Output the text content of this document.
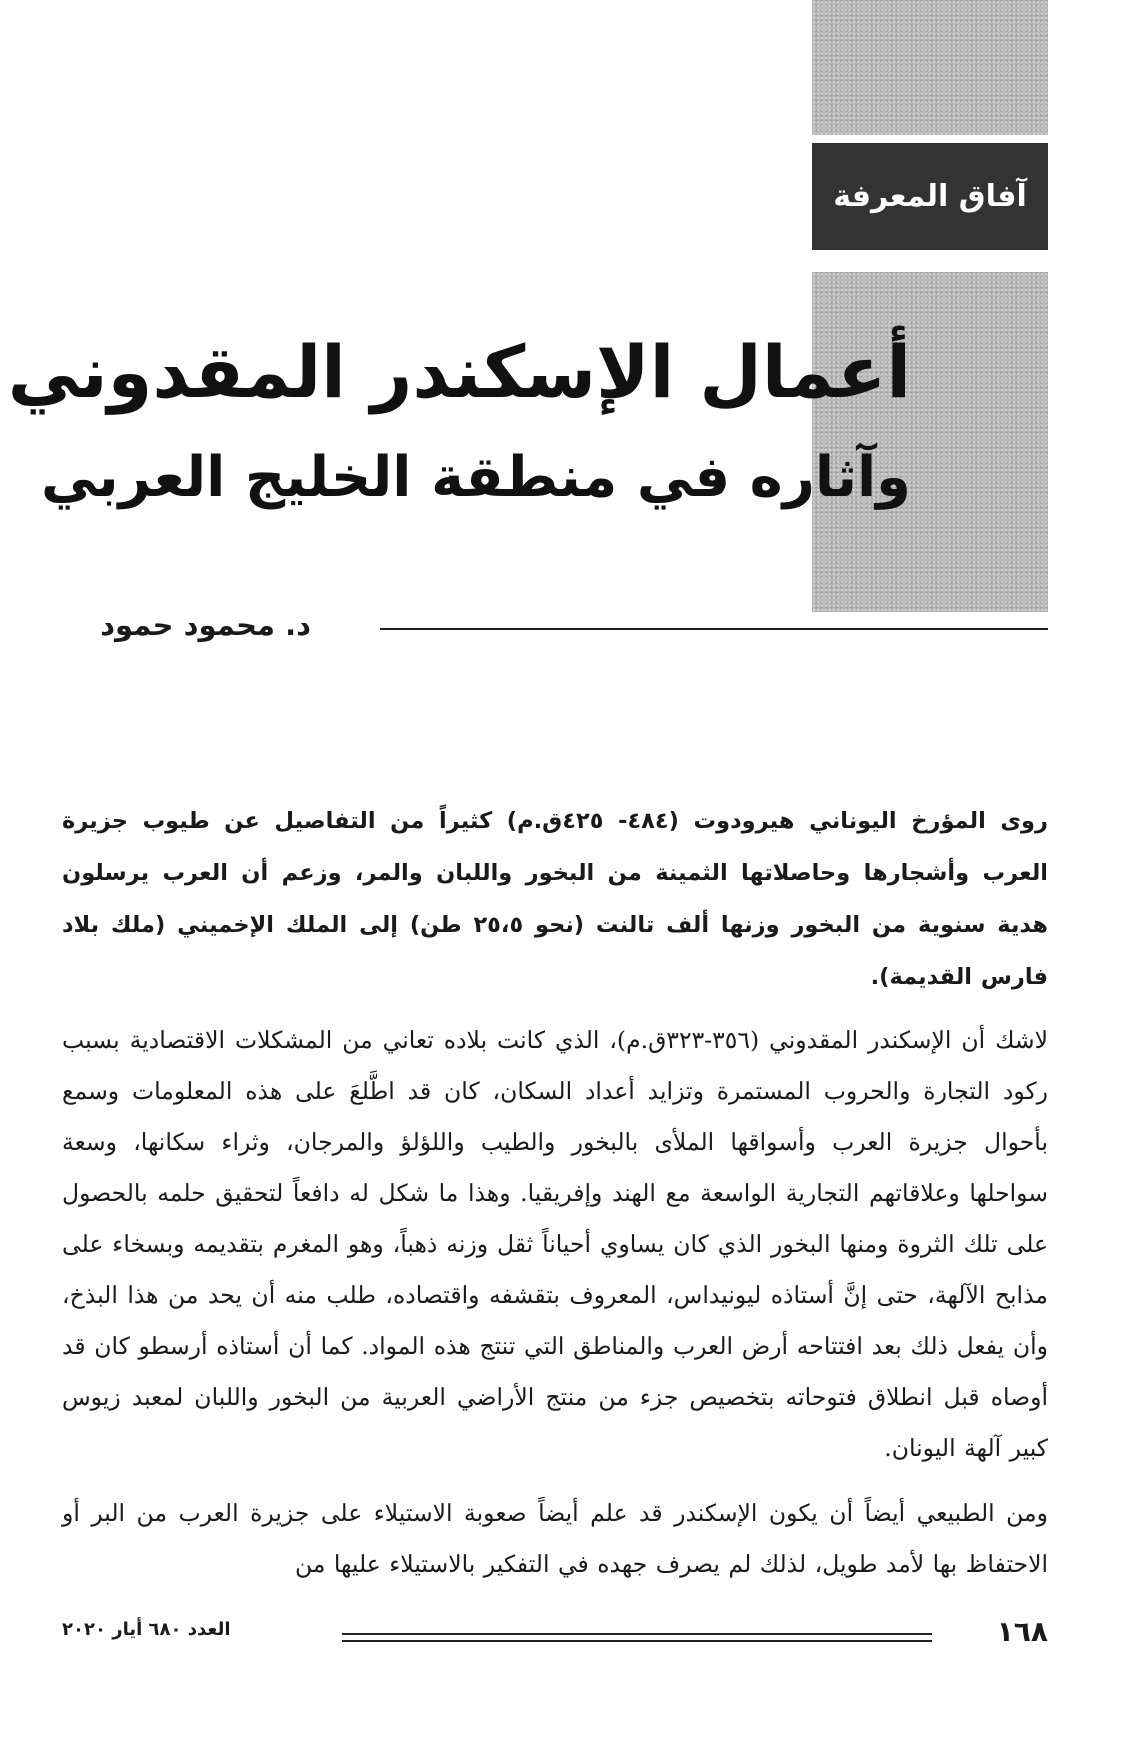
آفاق المعرفة
أعمال الإسكندر المقدوني
وآثاره في منطقة الخليج العربي
د. محمود حمود

روى المؤرخ اليوناني هيرودوت (٤٨٤- ٤٢٥ق.م) كثيراً من التفاصيل عن طيوب جزيرة العرب وأشجارها وحاصلاتها الثمينة من البخور واللبان والمر، وزعم أن العرب يرسلون هدية سنوية من البخور وزنها ألف تالنت (نحو ٢٥،٥ طن) إلى الملك الإخميني (ملك بلاد فارس القديمة).

لاشك أن الإسكندر المقدوني (٣٥٦-٣٢٣ق.م)، الذي كانت بلاده تعاني من المشكلات الاقتصادية بسبب ركود التجارة والحروب المستمرة وتزايد أعداد السكان، كان قد اطَّلعَ على هذه المعلومات وسمع بأحوال جزيرة العرب وأسواقها الملأى بالبخور والطيب واللؤلؤ والمرجان، وثراء سكانها، وسعة سواحلها وعلاقاتهم التجارية الواسعة مع الهند وإفريقيا. وهذا ما شكل له دافعاً لتحقيق حلمه بالحصول على تلك الثروة ومنها البخور الذي كان يساوي أحياناً ثقل وزنه ذهباً، وهو المغرم بتقديمه وبسخاء على مذابح الآلهة، حتى إنَّ أستاذه ليونيداس، المعروف بتقشفه واقتصاده، طلب منه أن يحد من هذا البذخ، وأن يفعل ذلك بعد افتتاحه أرض العرب والمناطق التي تنتج هذه المواد. كما أن أستاذه أرسطو كان قد أوصاه قبل انطلاق فتوحاته بتخصيص جزء من منتج الأراضي العربية من البخور واللبان لمعبد زيوس كبير آلهة اليونان.

ومن الطبيعي أيضاً أن يكون الإسكندر قد علم أيضاً صعوبة الاستيلاء على جزيرة العرب من البر أو الاحتفاظ بها لأمد طويل، لذلك لم يصرف جهده في التفكير بالاستيلاء عليها من

١٦٨
العدد ٦٨٠ أيار ٢٠٢٠
